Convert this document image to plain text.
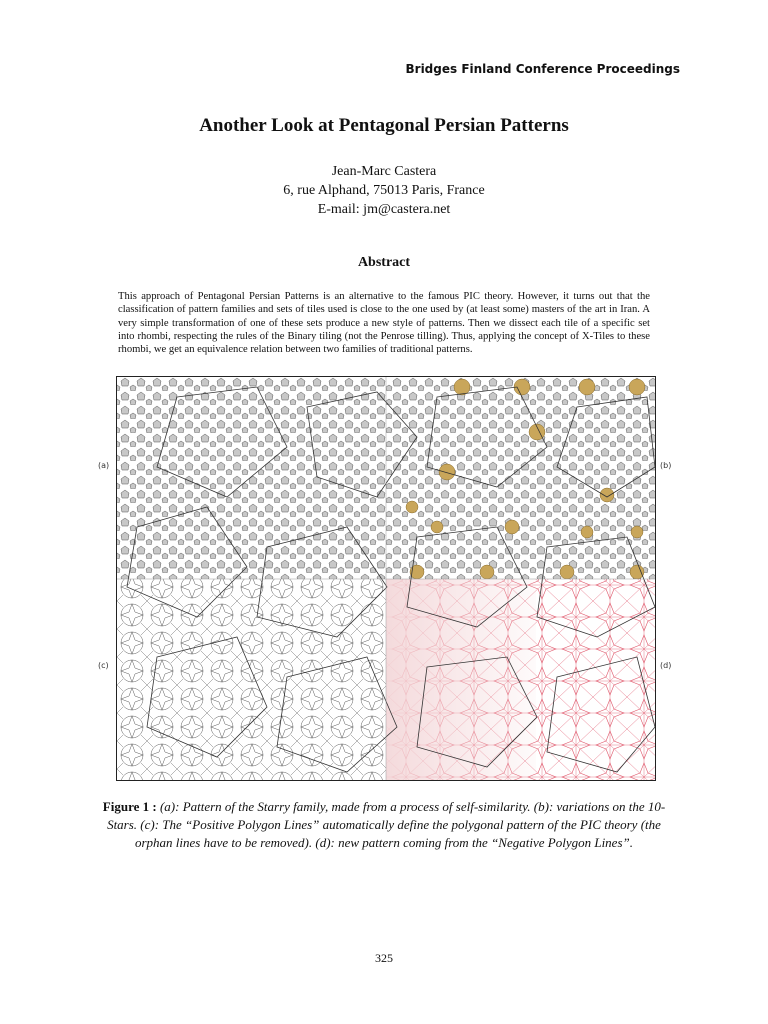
Bridges Finland Conference Proceedings
Another Look at Pentagonal Persian Patterns
Jean-Marc Castera
6, rue Alphand, 75013 Paris, France
E-mail: jm@castera.net
Abstract
This approach of Pentagonal Persian Patterns is an alternative to the famous PIC theory. However, it turns out that the classification of pattern families and sets of tiles used is close to the one used by (at least some) masters of the art in Iran. A very simple transformation of one of these sets produce a new style of patterns. Then we dissect each tile of a specific set into rhombi, respecting the rules of the Binary tiling (not the Penrose tilling). Thus, applying the concept of X-Tiles to these rhombi, we get an equivalence relation between two families of traditional patterns.
(a)	(b)
(c)	(d)
Figure 1 : (a): Pattern of the Starry family, made from a process of self-similarity. (b): variations on the 10-Stars. (c): The “Positive Polygon Lines” automatically define the polygonal pattern of the PIC theory (the orphan lines have to be removed). (d): new pattern coming from the “Negative Polygon Lines”.
325
